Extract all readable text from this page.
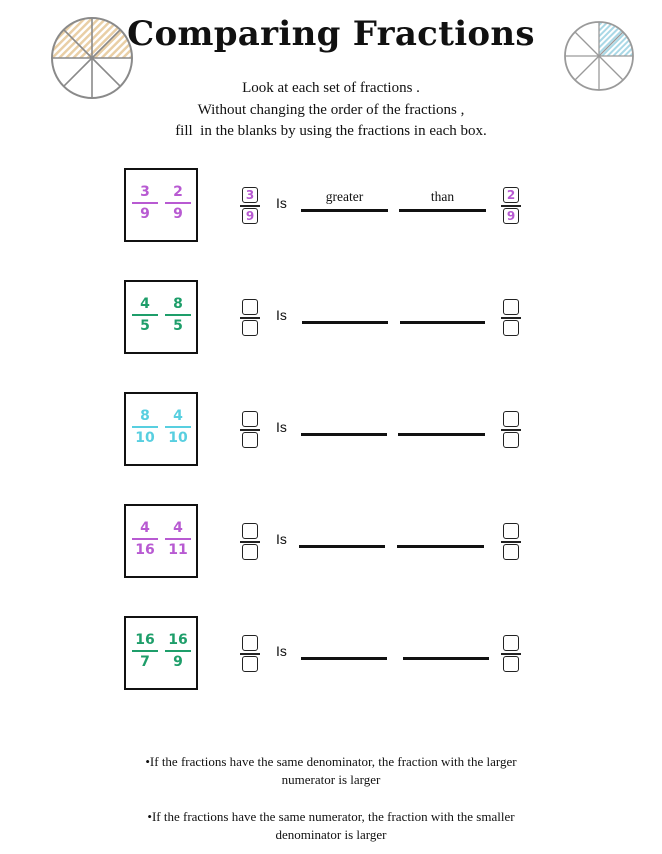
Comparing Fractions
Look at each set of fractions .
Without changing the order of the fractions ,
fill  in the blanks by using the fractions in each box.
3
9
2
9	$\frac{3}{9}$ Is	greater	than	$\frac{2}{9}$
4
5
8
5
Is
8
10
4
10
Is
4
16
4
11
Is
16
7
16
9
Is
•If the fractions have the same denominator, the fraction with the larger
numerator is larger
•If the fractions have the same numerator, the fraction with the smaller
denominator is larger
